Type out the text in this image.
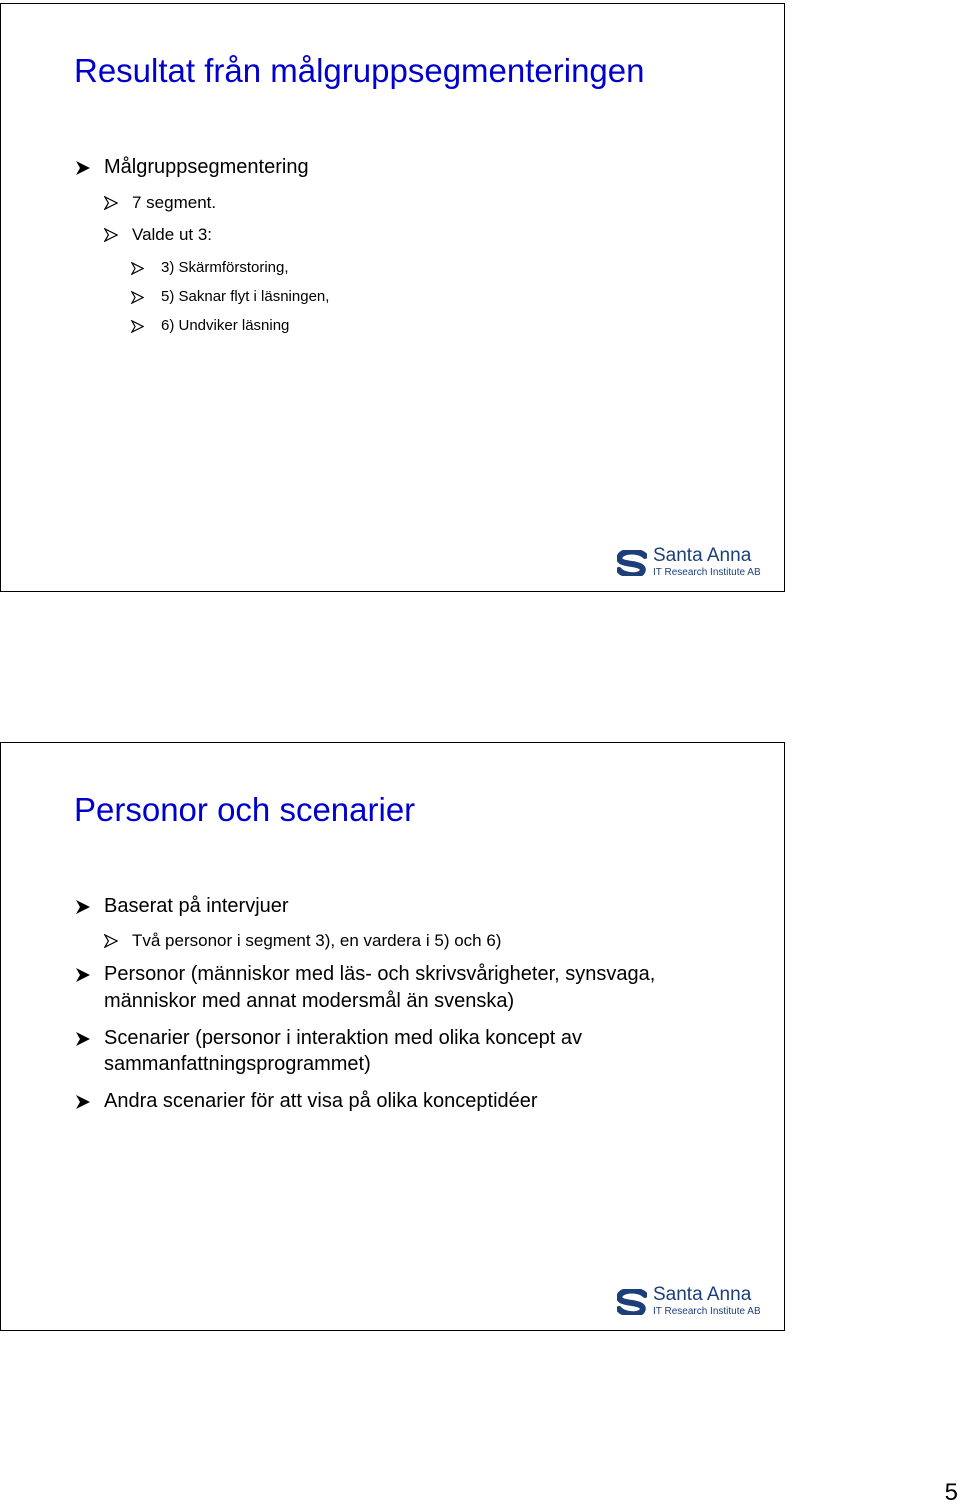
Resultat från målgruppsegmenteringen
Målgruppsegmentering
7 segment.
Valde ut 3:
3) Skärmförstoring,
5) Saknar flyt i läsningen,
6) Undviker läsning
Santa Anna
IT Research Institute AB
Personor och scenarier
Baserat på intervjuer
Två personor i segment 3), en vardera i 5) och 6)
Personor (människor med läs- och skrivsvårigheter, synsvaga,
människor med annat modersmål än svenska)
Scenarier (personor i interaktion med olika koncept av
sammanfattningsprogrammet)
Andra scenarier för att visa på olika konceptidéer
Santa Anna
IT Research Institute AB
5
